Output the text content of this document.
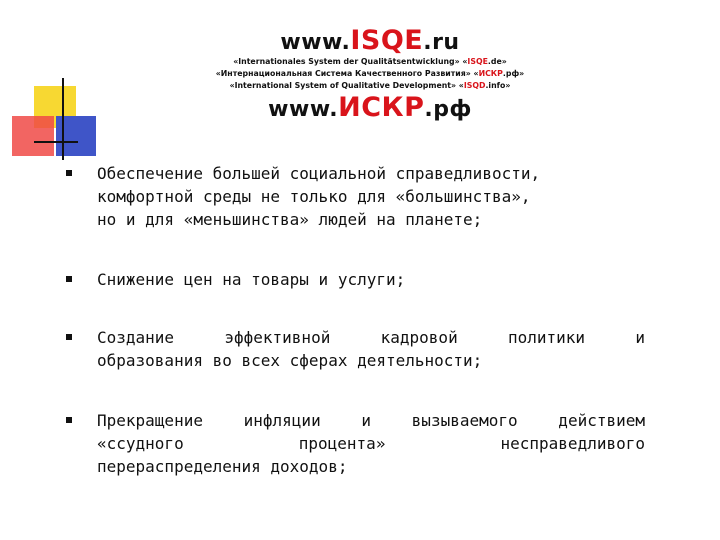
www.ISQE.ru
«Internationales System der Qualitätsentwicklung» «ISQE.de»
«Интернациональная Система Качественного Развития» «ИСКР.рф»
«International System of Qualitative Development» «ISQD.info»
www.ИСКР.рф
Обеспечение большей социальной справедливости,
комфортной среды не только для «большинства»,
но и для «меньшинства» людей на планете;
Снижение цен на товары и услуги;
Создание эффективной кадровой политики и
образования во всех сферах деятельности;
Прекращение инфляции и вызываемого действием
«ссудного процента» несправедливого
перераспределения доходов;
